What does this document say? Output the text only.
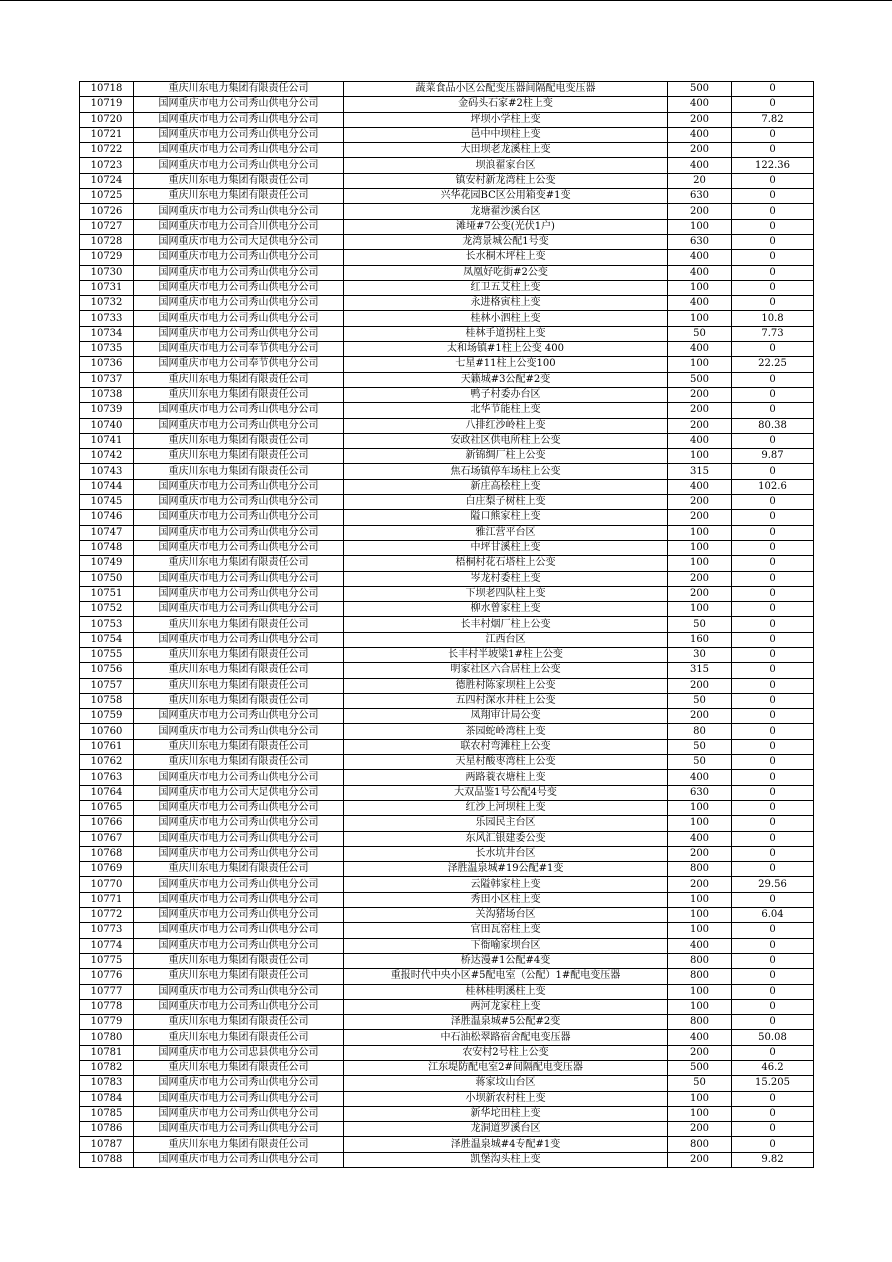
10718	重庆川东电力集团有限责任公司	蔬菜食品小区公配变压器间隔配电变压器	500	0
10719	国网重庆市电力公司秀山供电分公司	金码头石家#2柱上变	400	0
10720	国网重庆市电力公司秀山供电分公司	坪坝小学柱上变	200	7.82
10721	国网重庆市电力公司秀山供电分公司	邑中中坝柱上变	400	0
10722	国网重庆市电力公司秀山供电分公司	大田坝老龙溪柱上变	200	0
10723	国网重庆市电力公司秀山供电分公司	坝浪翟家台区	400	122.36
10724	重庆川东电力集团有限责任公司	镇安村新龙湾柱上公变	20	0
10725	重庆川东电力集团有限责任公司	兴华花园BC区公用箱变#1变	630	0
10726	国网重庆市电力公司秀山供电分公司	龙塘翟沙溪台区	200	0
10727	国网重庆市电力公司合川供电分公司	滩垭#7公变(光伏1户)	100	0
10728	国网重庆市电力公司大足供电分公司	龙湾景城公配1号变	630	0
10729	国网重庆市电力公司秀山供电分公司	长水桐木坪柱上变	400	0
10730	国网重庆市电力公司秀山供电分公司	凤凰好吃街#2公变	400	0
10731	国网重庆市电力公司秀山供电分公司	红卫五艾柱上变	100	0
10732	国网重庆市电力公司秀山供电分公司	永进格寅柱上变	400	0
10733	国网重庆市电力公司秀山供电分公司	桂林小泗柱上变	100	10.8
10734	国网重庆市电力公司秀山供电分公司	桂林手道拐柱上变	50	7.73
10735	国网重庆市电力公司奉节供电分公司	太和场镇#1柱上公变 400	400	0
10736	国网重庆市电力公司奉节供电分公司	七星#11柱上公变100	100	22.25
10737	重庆川东电力集团有限责任公司	天籁城#3公配#2变	500	0
10738	重庆川东电力集团有限责任公司	鸭子村委办台区	200	0
10739	国网重庆市电力公司秀山供电分公司	北华节能柱上变	200	0
10740	国网重庆市电力公司秀山供电分公司	八排红沙岭柱上变	200	80.38
10741	重庆川东电力集团有限责任公司	安政社区供电所柱上公变	400	0
10742	重庆川东电力集团有限责任公司	新锦绸厂柱上公变	100	9.87
10743	重庆川东电力集团有限责任公司	焦石场镇停车场柱上公变	315	0
10744	国网重庆市电力公司秀山供电分公司	新庄高桧柱上变	400	102.6
10745	国网重庆市电力公司秀山供电分公司	白庄梨子树柱上变	200	0
10746	国网重庆市电力公司秀山供电分公司	隘口熊家柱上变	200	0
10747	国网重庆市电力公司秀山供电分公司	雅江营平台区	100	0
10748	国网重庆市电力公司秀山供电分公司	中坪甘溪柱上变	100	0
10749	重庆川东电力集团有限责任公司	梧桐村花石塔柱上公变	100	0
10750	国网重庆市电力公司秀山供电分公司	岑龙村委柱上变	200	0
10751	国网重庆市电力公司秀山供电分公司	下坝老四队柱上变	200	0
10752	国网重庆市电力公司秀山供电分公司	柳水曾家柱上变	100	0
10753	重庆川东电力集团有限责任公司	长丰村烟厂柱上公变	50	0
10754	国网重庆市电力公司秀山供电分公司	江西台区	160	0
10755	重庆川东电力集团有限责任公司	长丰村半坡梁1#柱上公变	30	0
10756	重庆川东电力集团有限责任公司	明家社区六合居柱上公变	315	0
10757	重庆川东电力集团有限责任公司	德胜村陈家坝柱上公变	200	0
10758	重庆川东电力集团有限责任公司	五四村深水井柱上公变	50	0
10759	国网重庆市电力公司秀山供电分公司	凤翔审计局公变	200	0
10760	国网重庆市电力公司秀山供电分公司	茶园蛇岭湾柱上变	80	0
10761	重庆川东电力集团有限责任公司	联农村弯滩柱上公变	50	0
10762	重庆川东电力集团有限责任公司	天星村酸枣湾柱上公变	50	0
10763	国网重庆市电力公司秀山供电分公司	两路蓑衣塘柱上变	400	0
10764	国网重庆市电力公司大足供电分公司	大双品鉴1号公配4号变	630	0
10765	国网重庆市电力公司秀山供电分公司	红沙上河坝柱上变	100	0
10766	国网重庆市电力公司秀山供电分公司	乐园民主台区	100	0
10767	国网重庆市电力公司秀山供电分公司	东风汇银建委公变	400	0
10768	国网重庆市电力公司秀山供电分公司	长水坑井台区	200	0
10769	重庆川东电力集团有限责任公司	泽胜温泉城#19公配#1变	800	0
10770	国网重庆市电力公司秀山供电分公司	云隘韩家柱上变	200	29.56
10771	国网重庆市电力公司秀山供电分公司	秀田小区柱上变	100	0
10772	国网重庆市电力公司秀山供电分公司	关沟猪场台区	100	6.04
10773	国网重庆市电力公司秀山供电分公司	官田瓦窑柱上变	100	0
10774	国网重庆市电力公司秀山供电分公司	下衙喻家坝台区	400	0
10775	重庆川东电力集团有限责任公司	桥达漫#1公配#4变	800	0
10776	重庆川东电力集团有限责任公司	重报时代中央小区#5配电室（公配）1#配电变压器	800	0
10777	国网重庆市电力公司秀山供电分公司	桂林桂明溪柱上变	100	0
10778	国网重庆市电力公司秀山供电分公司	两河龙家柱上变	100	0
10779	重庆川东电力集团有限责任公司	泽胜温泉城#5公配#2变	800	0
10780	重庆川东电力集团有限责任公司	中石油松翠路宿舍配电变压器	400	50.08
10781	国网重庆市电力公司忠县供电分公司	农安村2号柱上公变	200	0
10782	重庆川东电力集团有限责任公司	江东堤防配电室2#间隔配电变压器	500	46.2
10783	国网重庆市电力公司秀山供电分公司	蒋家坟山台区	50	15.205
10784	国网重庆市电力公司秀山供电分公司	小坝新农村柱上变	100	0
10785	国网重庆市电力公司秀山供电分公司	新华坨田柱上变	100	0
10786	国网重庆市电力公司秀山供电分公司	龙洞道罗溪台区	200	0
10787	重庆川东电力集团有限责任公司	泽胜温泉城#4专配#1变	800	0
10788	国网重庆市电力公司秀山供电分公司	凯堡沟头柱上变	200	9.82
